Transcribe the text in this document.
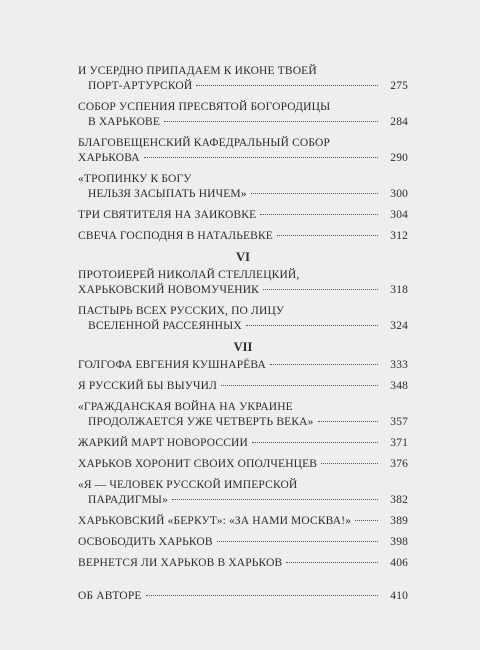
И УСЕРДНО ПРИПАДАЕМ К ИКОНЕ ТВОЕЙ
ПОРТ-АРТУРСКОЙ	275
СОБОР УСПЕНИЯ ПРЕСВЯТОЙ БОГОРОДИЦЫ
В ХАРЬКОВЕ	284
БЛАГОВЕЩЕНСКИЙ КАФЕДРАЛЬНЫЙ СОБОР
ХАРЬКОВА	290
«ТРОПИНКУ К БОГУ
НЕЛЬЗЯ ЗАСЫПАТЬ НИЧЕМ»	300
ТРИ СВЯТИТЕЛЯ НА ЗАИКОВКЕ	304
СВЕЧА ГОСПОДНЯ В НАТАЛЬЕВКЕ	312
VI
ПРОТОИЕРЕЙ НИКОЛАЙ СТЕЛЛЕЦКИЙ,
ХАРЬКОВСКИЙ НОВОМУЧЕНИК	318
ПАСТЫРЬ ВСЕХ РУССКИХ, ПО ЛИЦУ
ВСЕЛЕННОЙ РАССЕЯННЫХ	324
VII
ГОЛГОФА ЕВГЕНИЯ КУШНАРЁВА	333
Я РУССКИЙ БЫ ВЫУЧИЛ	348
«ГРАЖДАНСКАЯ ВОЙНА НА УКРАИНЕ
ПРОДОЛЖАЕТСЯ УЖЕ ЧЕТВЕРТЬ ВЕКА»	357
ЖАРКИЙ МАРТ НОВОРОССИИ	371
ХАРЬКОВ ХОРОНИТ СВОИХ ОПОЛЧЕНЦЕВ	376
«Я — ЧЕЛОВЕК РУССКОЙ ИМПЕРСКОЙ
ПАРАДИГМЫ»	382
ХАРЬКОВСКИЙ «БЕРКУТ»: «ЗА НАМИ МОСКВА!»	389
ОСВОБОДИТЬ ХАРЬКОВ	398
ВЕРНЕТСЯ ЛИ ХАРЬКОВ В ХАРЬКОВ	406
ОБ АВТОРЕ	410
